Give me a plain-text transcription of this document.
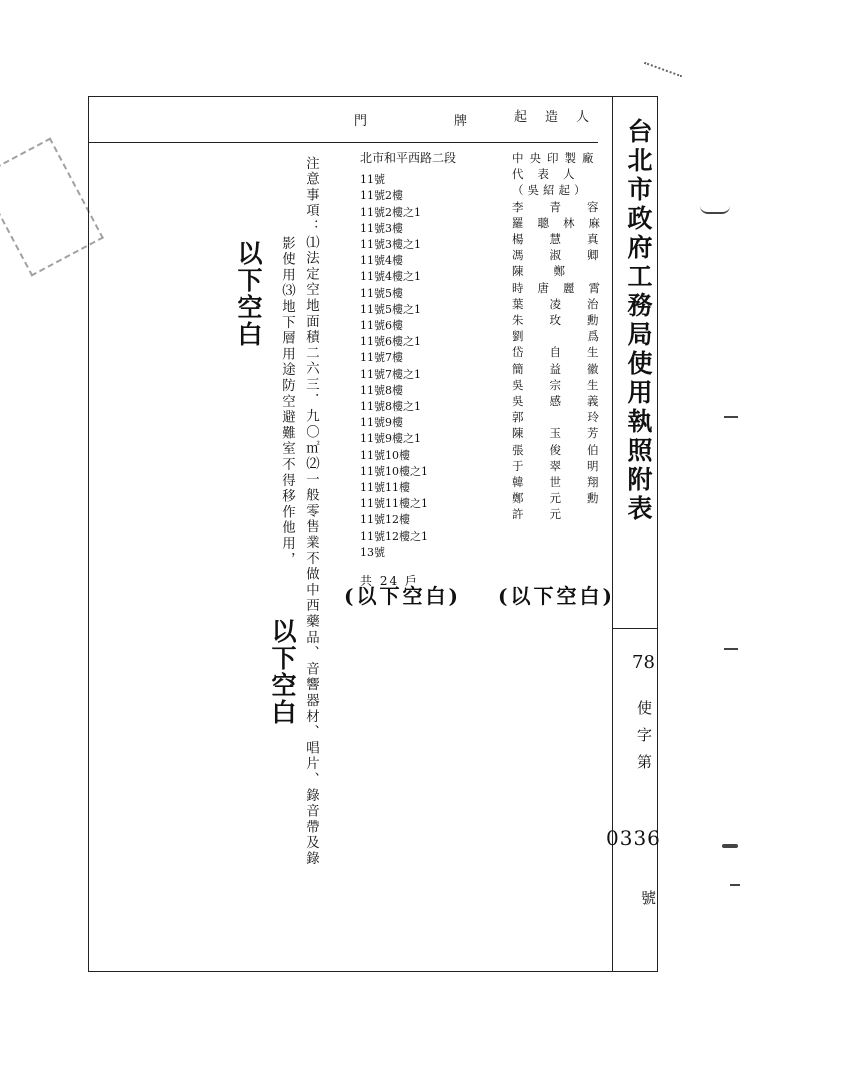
門	牌	起造人
台北市政府工務局使用執照附表
78
使字第
0336
號
注意事項：⑴法定空地面積二六三．九〇㎡⑵一般零售業不做中西藥品、音響器材、唱片、錄音帶及錄
影使用⑶地下層用途防空避難室不得移作他用，
以下空白
以下空白
(以下空白) (以下空白)
北市和平西路二段
11號
11號2樓
11號2樓之1
11號3樓
11號3樓之1
11號4樓
11號4樓之1
11號5樓
11號5樓之1
11號6樓
11號6樓之1
11號7樓
11號7樓之1
11號8樓
11號8樓之1
11號9樓
11號9樓之1
11號10樓
11號10樓之1
11號11樓
11號11樓之1
11號12樓
11號12樓之1
13號
共 24 戶
中央印製廠
代表人
（吳紹起）
李青容
羅聰林麻
楊慧真
馮淑卿
陳鄭
時唐麗霄
葉凌治
朱玫勳
劉爲
岱自生
簡益徽
吳宗生
吳感義
郭玲
陳玉芳
張俊伯
于翠明
韓世翔
鄭元勳
許元
